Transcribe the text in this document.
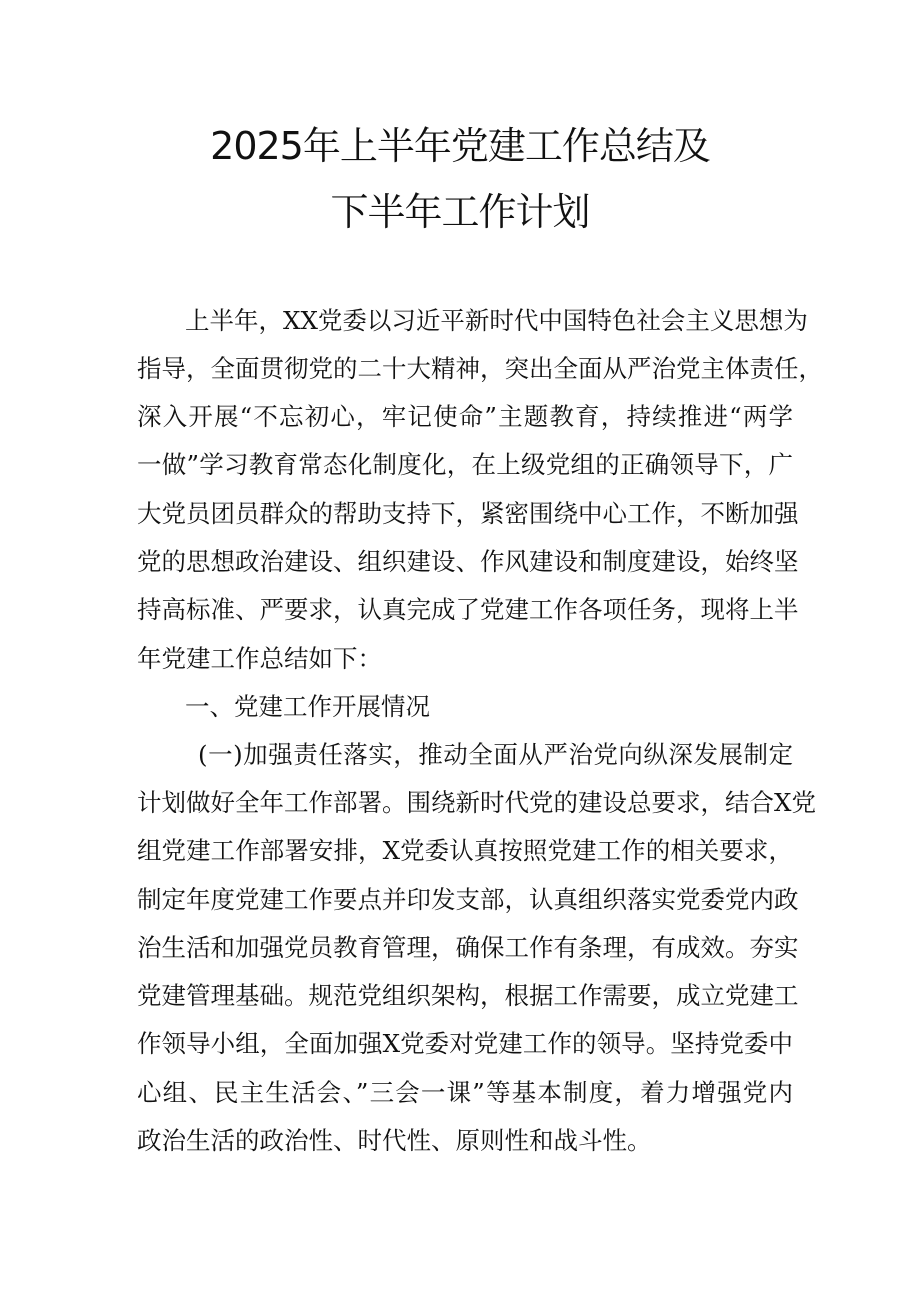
2025年上半年党建工作总结及
下半年工作计划
上半年，XX党委以习近平新时代中国特色社会主义思想为
指导，全面贯彻党的二十大精神，突出全面从严治党主体责任，
深入开展“不忘初心，牢记使命”主题教育，持续推进“两学
一做”学习教育常态化制度化，在上级党组的正确领导下，广
大党员团员群众的帮助支持下，紧密围绕中心工作，不断加强
党的思想政治建设、组织建设、作风建设和制度建设，始终坚
持高标准、严要求，认真完成了党建工作各项任务，现将上半
年党建工作总结如下：
一、党建工作开展情况
(一)加强责任落实，推动全面从严治党向纵深发展制定
计划做好全年工作部署。围绕新时代党的建设总要求，结合X党
组党建工作部署安排，X党委认真按照党建工作的相关要求，
制定年度党建工作要点并印发支部，认真组织落实党委党内政
治生活和加强党员教育管理，确保工作有条理，有成效。夯实
党建管理基础。规范党组织架构，根据工作需要，成立党建工
作领导小组，全面加强X党委对党建工作的领导。坚持党委中
心组、民主生活会、”三会一课”等基本制度，着力增强党内
政治生活的政治性、时代性、原则性和战斗性。
